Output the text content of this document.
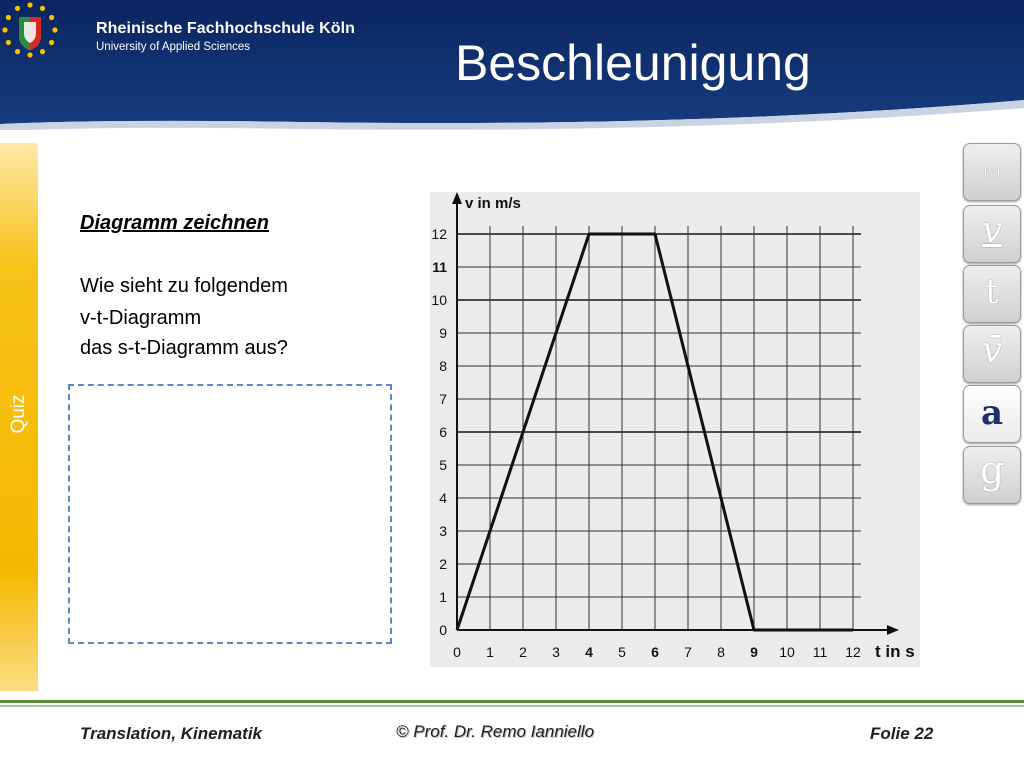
Rheinische Fachhochschule Köln
University of Applied Sciences	Beschleunigung
Quiz
Diagramm zeichnen
Wie sieht zu folgendem
v-t-Diagramm
das s-t-Diagramm aus?
0 1 2 3 4 5 6 7 8 9 10 11 12
0
1
2
3
4
5
6
7
8
9
10
11
12
v in m/s
t in s
[v]
v
t
v̄
a
g
Translation, Kinematik	© Prof. Dr. Remo Ianniello	Folie 22
